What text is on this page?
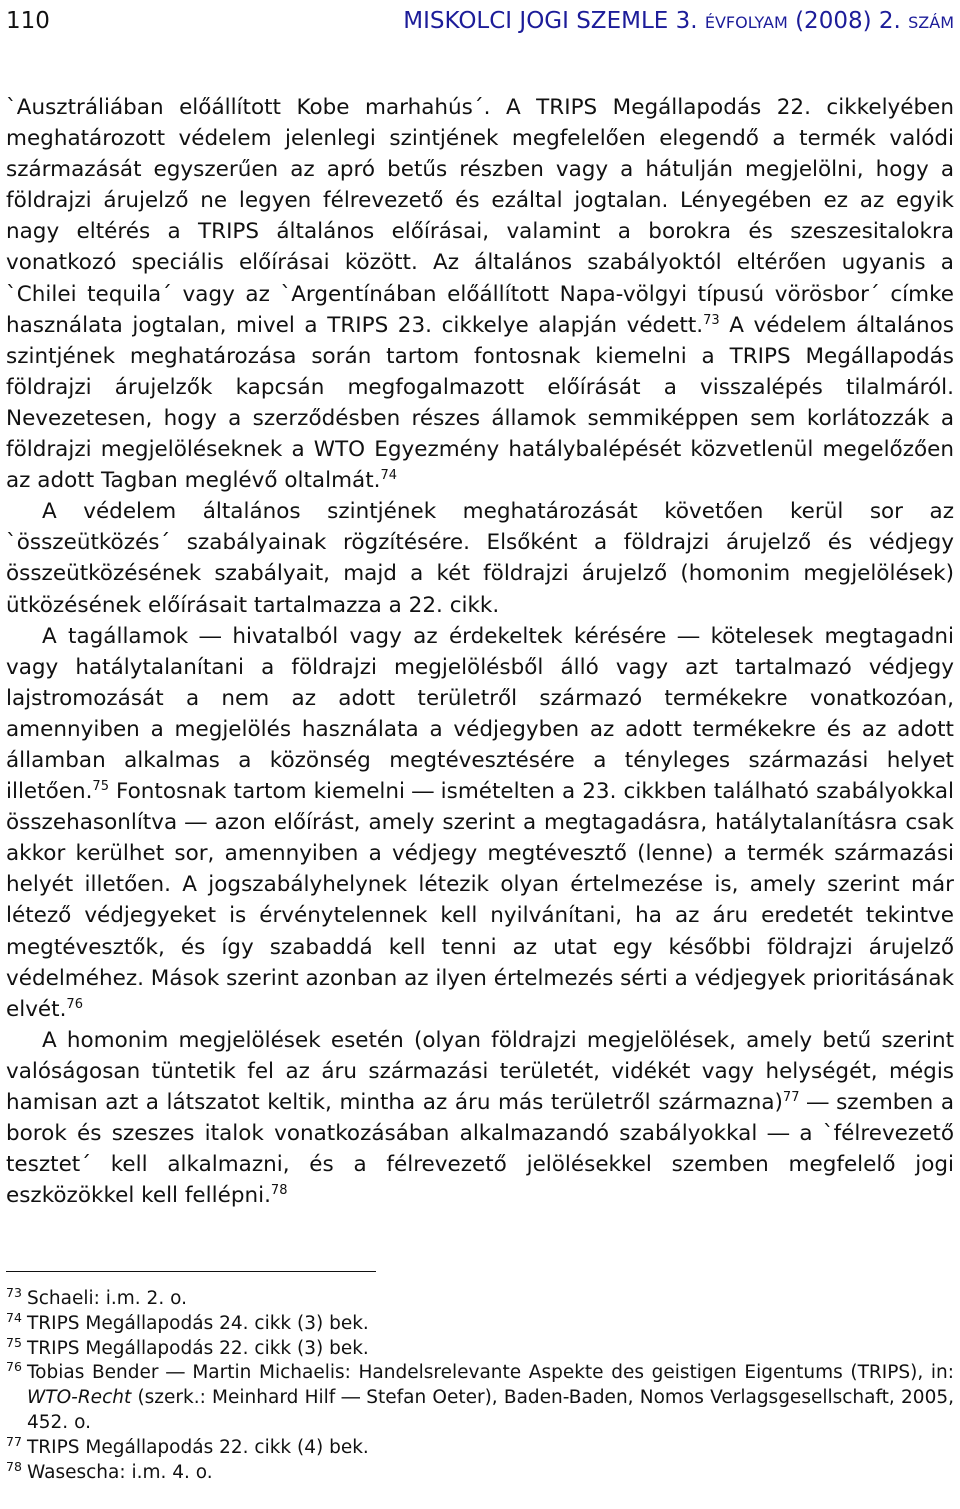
110	MISKOLCI JOGI SZEMLE 3. évfolyam (2008) 2. szám

`Ausztráliában előállított Kobe marhahús´. A TRIPS Megállapodás 22. cikkelyében meghatározott védelem jelenlegi szintjének megfelelően elegendő a termék valódi származását egyszerűen az apró betűs részben vagy a hátulján megjelölni, hogy a földrajzi árujelző ne legyen félrevezető és ezáltal jogtalan. Lényegében ez az egyik nagy eltérés a TRIPS általános előírásai, valamint a borokra és szeszesitalokra vonatkozó speciális előírásai között. Az általános szabályoktól eltérően ugyanis a `Chilei tequila´ vagy az `Argentínában előállított Napa-völgyi típusú vörösbor´ címke használata jogtalan, mivel a TRIPS 23. cikkelye alapján védett.$^{73}$ A védelem általános szintjének meghatározása során tartom fontosnak kiemelni a TRIPS Megállapodás földrajzi árujelzők kapcsán megfogalmazott előírását a visszalépés tilalmáról. Nevezetesen, hogy a szerződésben részes államok semmiképpen sem korlátozzák a földrajzi megjelöléseknek a WTO Egyezmény hatálybalépését közvetlenül megelőzően az adott Tagban meglévő oltalmát.$^{74}$

A védelem általános szintjének meghatározását követően kerül sor az `összeütközés´ szabályainak rögzítésére. Elsőként a földrajzi árujelző és védjegy összeütközésének szabályait, majd a két földrajzi árujelző (homonim megjelölések) ütközésének előírásait tartalmazza a 22. cikk.

A tagállamok ― hivatalból vagy az érdekeltek kérésére ― kötelesek megtagadni vagy hatálytalanítani a földrajzi megjelölésből álló vagy azt tartalmazó védjegy lajstromozását a nem az adott területről származó termékekre vonatkozóan, amennyiben a megjelölés használata a védjegyben az adott termékekre és az adott államban alkalmas a közönség megtévesztésére a tényleges származási helyet illetően.$^{75}$ Fontosnak tartom kiemelni ― ismételten a 23. cikkben található szabályokkal összehasonlítva ― azon előírást, amely szerint a megtagadásra, hatálytalanításra csak akkor kerülhet sor, amennyiben a védjegy megtévesztő (lenne) a termék származási helyét illetően. A jogszabályhelynek létezik olyan értelmezése is, amely szerint már létező védjegyeket is érvénytelennek kell nyilvánítani, ha az áru eredetét tekintve megtévesztők, és így szabaddá kell tenni az utat egy későbbi földrajzi árujelző védelméhez. Mások szerint azonban az ilyen értelmezés sérti a védjegyek prioritásának elvét.$^{76}$

A homonim megjelölések esetén (olyan földrajzi megjelölések, amely betű szerint valóságosan tüntetik fel az áru származási területét, vidékét vagy helységét, mégis hamisan azt a látszatot keltik, mintha az áru más területről származna)$^{77}$ ― szemben a borok és szeszes italok vonatkozásában alkalmazandó szabályokkal ― a `félrevezető tesztet´ kell alkalmazni, és a félrevezető jelölésekkel szemben megfelelő jogi eszközökkel kell fellépni.$^{78}$

73 Schaeli: i.m. 2. o.
74 TRIPS Megállapodás 24. cikk (3) bek.
75 TRIPS Megállapodás 22. cikk (3) bek.
76 Tobias Bender ― Martin Michaelis: Handelsrelevante Aspekte des geistigen Eigentums (TRIPS), in: WTO-Recht (szerk.: Meinhard Hilf ― Stefan Oeter), Baden-Baden, Nomos Verlagsgesellschaft, 2005, 452. o.
77 TRIPS Megállapodás 22. cikk (4) bek.
78 Wasescha: i.m. 4. o.
